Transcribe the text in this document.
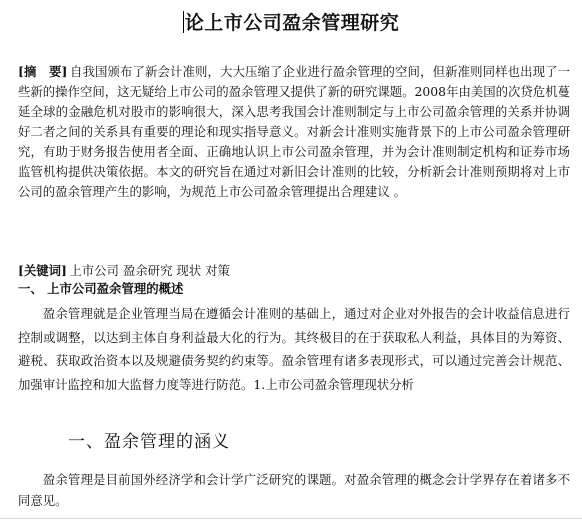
论上市公司盈余管理研究
[摘　要]  自我国颁布了新会计准则，大大压缩了企业进行盈余管理的空间，但新准则同样也出现了一些新的操作空间，这无疑给上市公司的盈余管理又提供了新的研究课题。2008年由美国的次贷危机蔓延全球的金融危机对股市的影响很大，深入思考我国会计准则制定与上市公司盈余管理的关系并协调好二者之间的关系具有重要的理论和现实指导意义。对新会计准则实施背景下的上市公司盈余管理研究，有助于财务报告使用者全面、正确地认识上市公司盈余管理，并为会计准则制定机构和证券市场监管机构提供决策依据。本文的研究旨在通过对新旧会计准则的比较，分析新会计准则预期将对上市公司的盈余管理产生的影响，为规范上市公司盈余管理提出合理建议 。
[关键词]  上市公司 盈余研究 现状 对策
一、 上市公司盈余管理的概述
盈余管理就是企业管理当局在遵循会计准则的基础上，通过对企业对外报告的会计收益信息进行控制或调整，以达到主体自身利益最大化的行为。其终极目的在于获取私人利益，具体目的为筹资、避税、获取政治资本以及规避债务契约约束等。盈余管理有诸多表现形式，可以通过完善会计规范、加强审计监控和加大监督力度等进行防范。1.上市公司盈余管理现状分析
一、盈余管理的涵义
盈余管理是目前国外经济学和会计学广泛研究的课题。对盈余管理的概念会计学界存在着诸多不同意见。
